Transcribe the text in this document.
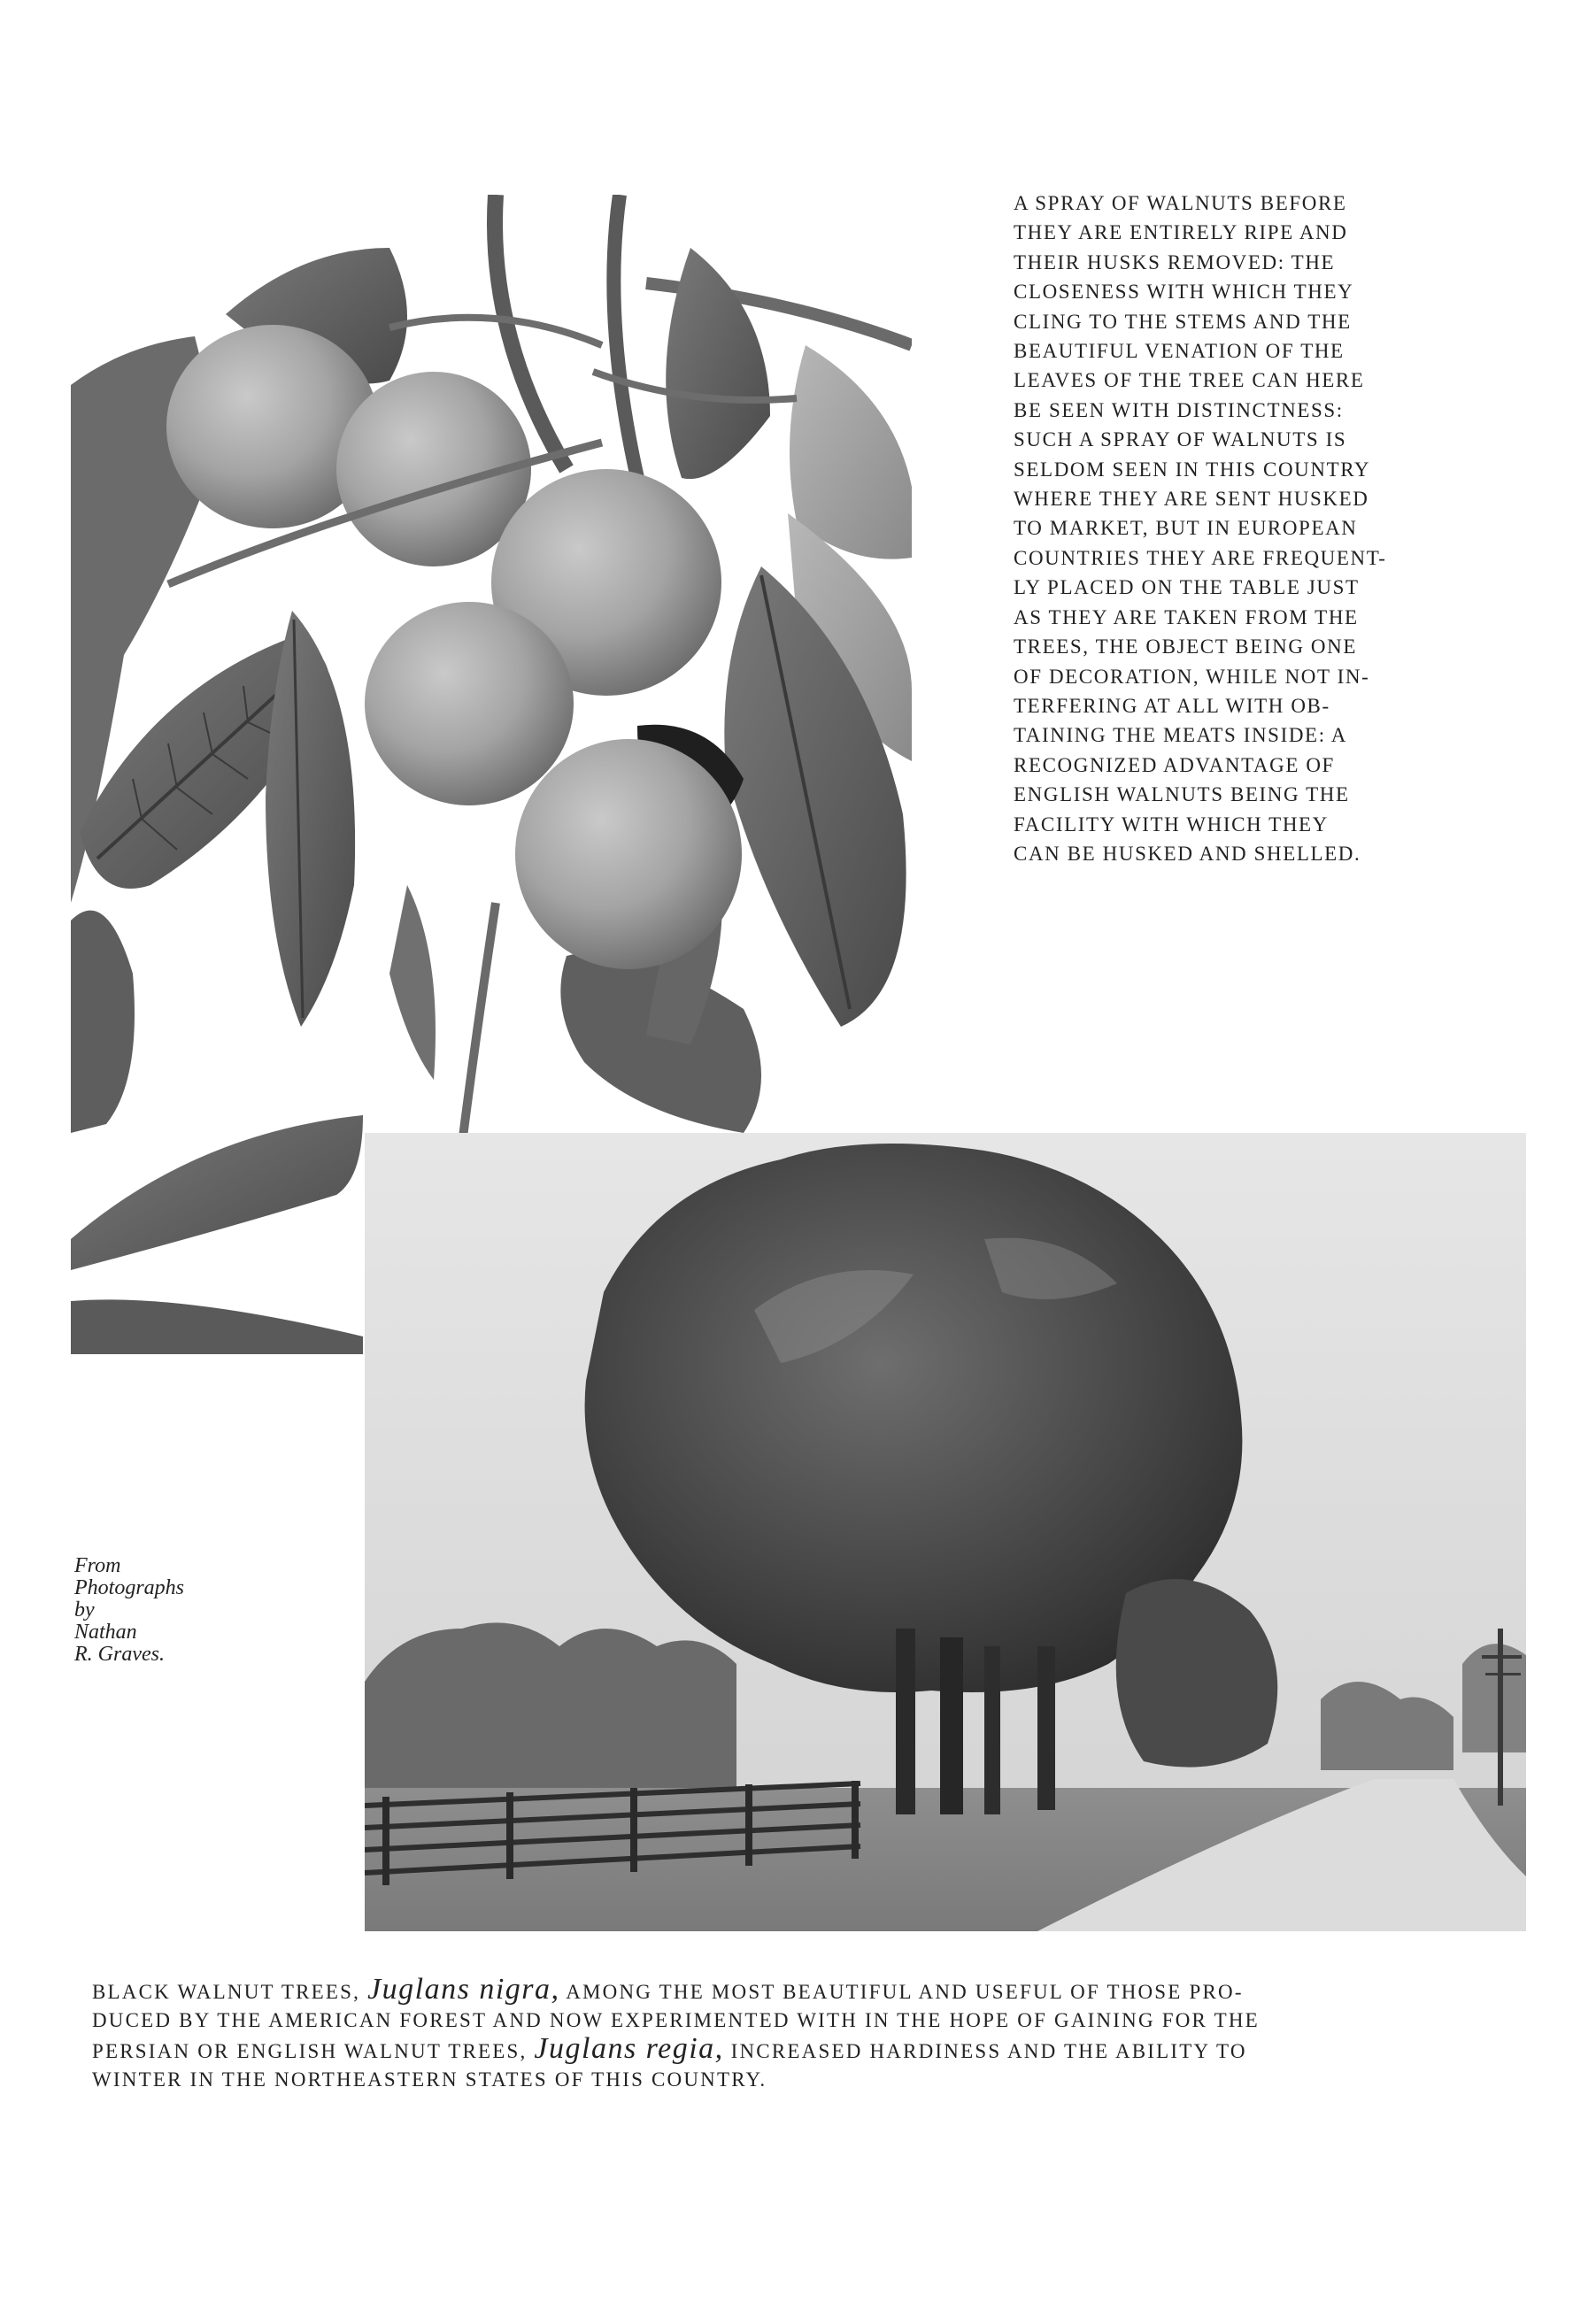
A SPRAY OF WALNUTS BEFORE
THEY ARE ENTIRELY RIPE AND
THEIR HUSKS REMOVED: THE
CLOSENESS WITH WHICH THEY
CLING TO THE STEMS AND THE
BEAUTIFUL VENATION OF THE
LEAVES OF THE TREE CAN HERE
BE SEEN WITH DISTINCTNESS:
SUCH A SPRAY OF WALNUTS IS
SELDOM SEEN IN THIS COUNTRY
WHERE THEY ARE SENT HUSKED
TO MARKET, BUT IN EUROPEAN
COUNTRIES THEY ARE FREQUENT-
LY PLACED ON THE TABLE JUST
AS THEY ARE TAKEN FROM THE
TREES, THE OBJECT BEING ONE
OF DECORATION, WHILE NOT IN-
TERFERING AT ALL WITH OB-
TAINING THE MEATS INSIDE: A
RECOGNIZED ADVANTAGE OF
ENGLISH WALNUTS BEING THE
FACILITY WITH WHICH THEY
CAN BE HUSKED AND SHELLED.
From
Photographs
by
Nathan
R. Graves.
BLACK WALNUT TREES, Juglans nigra, AMONG THE MOST BEAUTIFUL AND USEFUL OF THOSE PRO-
DUCED BY THE AMERICAN FOREST AND NOW EXPERIMENTED WITH IN THE HOPE OF GAINING FOR THE
PERSIAN OR ENGLISH WALNUT TREES, Juglans regia, INCREASED HARDINESS AND THE ABILITY TO
WINTER IN THE NORTHEASTERN STATES OF THIS COUNTRY.
